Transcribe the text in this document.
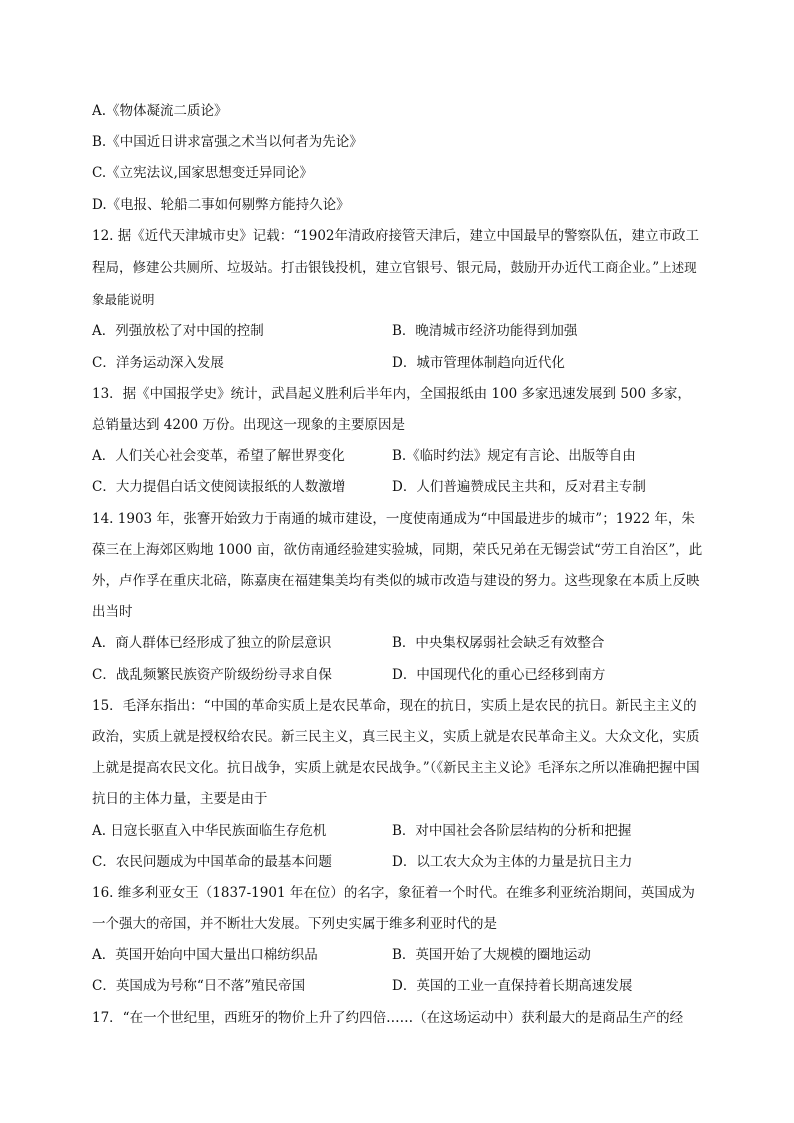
A.《物体凝流二质论》
B.《中国近日讲求富强之术当以何者为先论》
C.《立宪法议,国家思想变迁异同论》
D.《电报、轮船二事如何剔弊方能持久论》
12. 据《近代天津城市史》记载：“1902年清政府接管天津后，建立中国最早的警察队伍，建立市政工程局，修建公共厕所、垃圾站。打击银钱投机，建立官银号、银元局，鼓励开办近代工商企业。”上述现象最能说明
A．列强放松了对中国的控制	B．晚清城市经济功能得到加强
C．洋务运动深入发展	D．城市管理体制趋向近代化
13．据《中国报学史》统计，武昌起义胜利后半年内，全国报纸由 100 多家迅速发展到 500 多家，总销量达到 4200 万份。出现这一现象的主要原因是
A．人们关心社会变革，希望了解世界变化	B.《临时约法》规定有言论、出版等自由
C．大力提倡白话文使阅读报纸的人数激增	D．人们普遍赞成民主共和，反对君主专制
14. 1903 年，张謇开始致力于南通的城市建设，一度使南通成为“中国最进步的城市”；1922 年，朱葆三在上海郊区购地 1000 亩，欲仿南通经验建实验城，同期，荣氏兄弟在无锡尝试“劳工自治区”，此外，卢作孚在重庆北碚，陈嘉庚在福建集美均有类似的城市改造与建设的努力。这些现象在本质上反映出当时
A．商人群体已经形成了独立的阶层意识	B．中央集权孱弱社会缺乏有效整合
C．战乱频繁民族资产阶级纷纷寻求自保	D．中国现代化的重心已经移到南方
15．毛泽东指出：“中国的革命实质上是农民革命，现在的抗日，实质上是农民的抗日。新民主主义的政治，实质上就是授权给农民。新三民主义，真三民主义，实质上就是农民革命主义。大众文化，实质上就是提高农民文化。抗日战争，实质上就是农民战争。”（《新民主主义论》毛泽东之所以准确把握中国抗日的主体力量，主要是由于
A. 日寇长驱直入中华民族面临生存危机	B．对中国社会各阶层结构的分析和把握
C．农民问题成为中国革命的最基本问题	D．以工农大众为主体的力量是抗日主力
16. 维多利亚女王（1837-1901 年在位）的名字，象征着一个时代。在维多利亚统治期间，英国成为一个强大的帝国，并不断壮大发展。下列史实属于维多利亚时代的是
A．英国开始向中国大量出口棉纺织品	B．英国开始了大规模的圈地运动
C．英国成为号称“日不落”殖民帝国	D．英国的工业一直保持着长期高速发展
17．“在一个世纪里，西班牙的物价上升了约四倍……（在这场运动中）获利最大的是商品生产的经
